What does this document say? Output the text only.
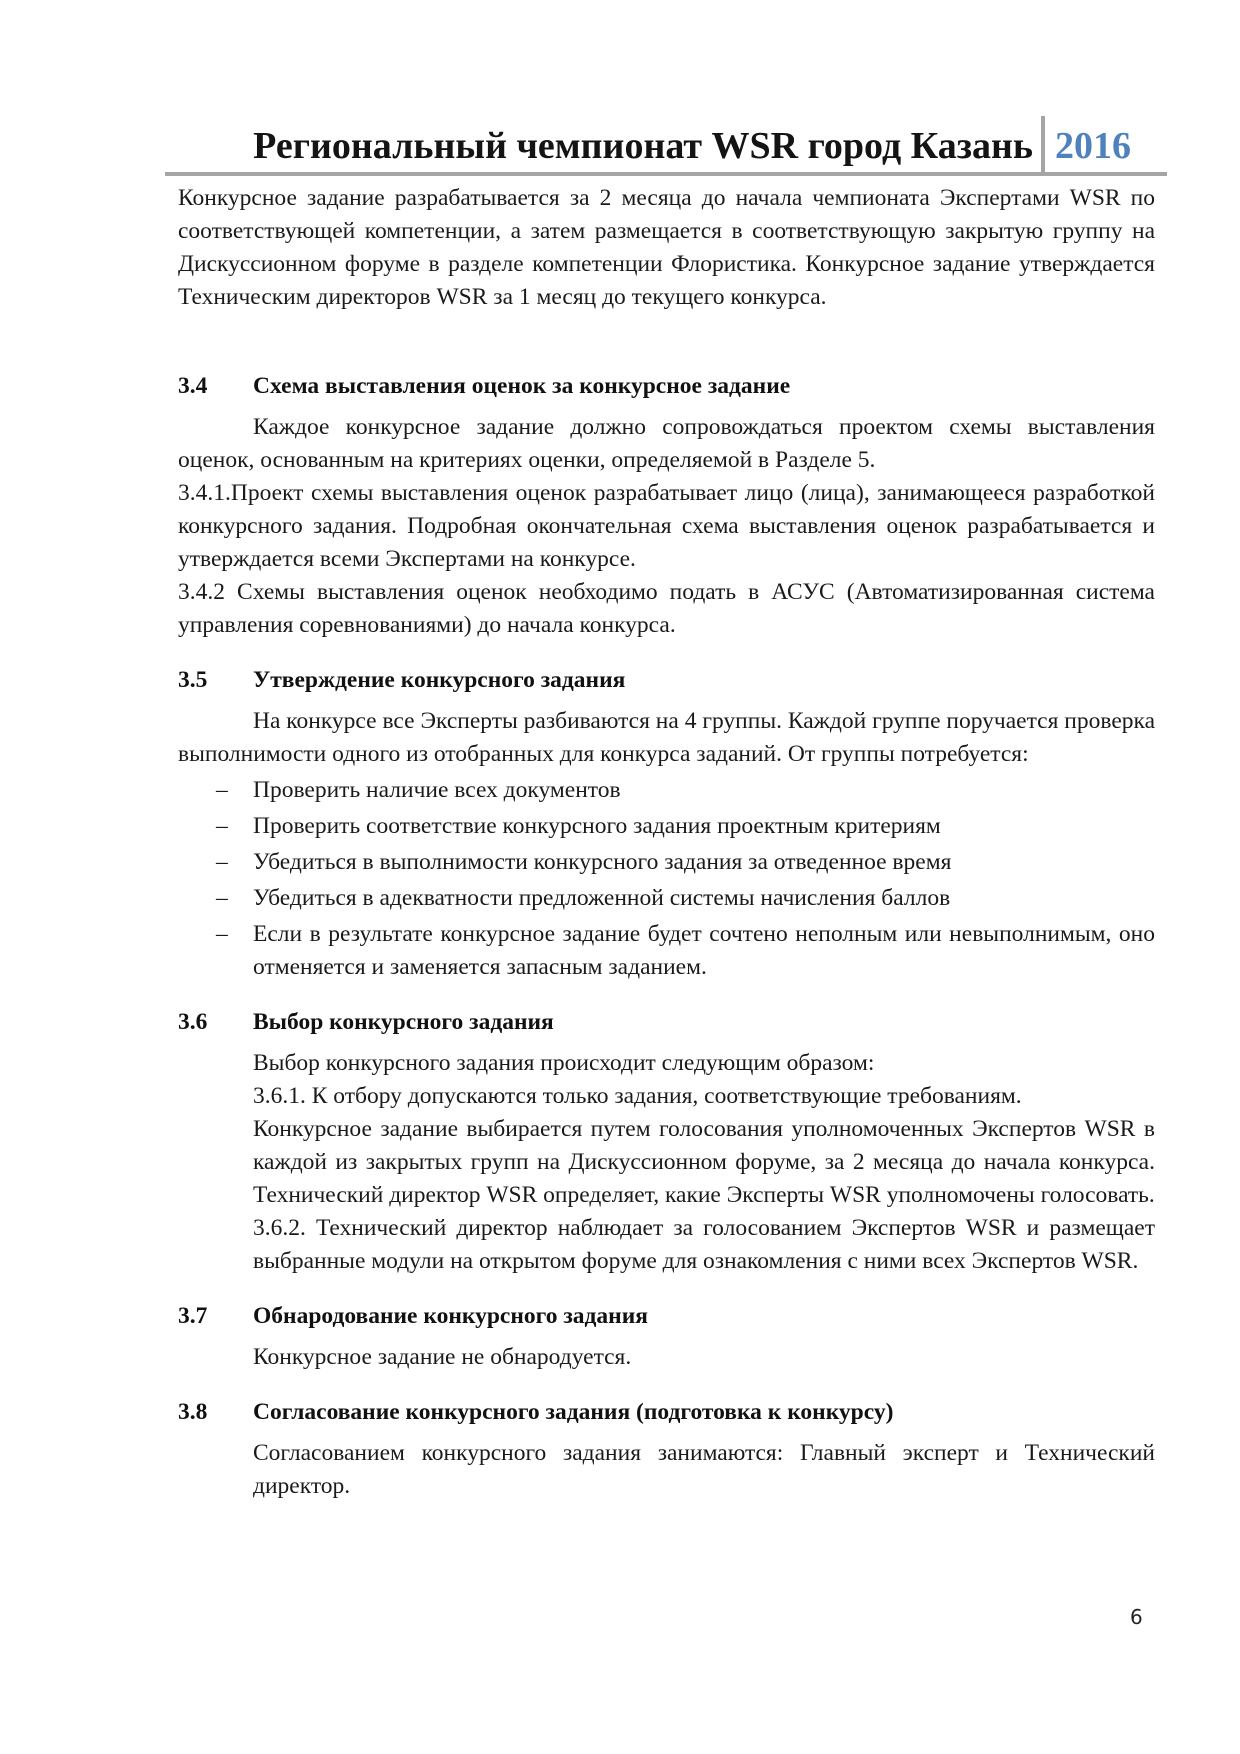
Региональный чемпионат WSR город Казань 2016

Конкурсное задание разрабатывается за 2 месяца до начала чемпионата Экспертами WSR по соответствующей компетенции, а затем размещается в соответствующую закрытую группу на Дискуссионном форуме в разделе компетенции Флористика. Конкурсное задание утверждается Техническим директоров WSR за 1 месяц до текущего конкурса.

3.4	Схема выставления оценок за конкурсное задание

Каждое конкурсное задание должно сопровождаться проектом схемы выставления оценок, основанным на критериях оценки, определяемой в Разделе 5.

3.4.1.Проект схемы выставления оценок разрабатывает лицо (лица), занимающееся разработкой конкурсного задания. Подробная окончательная схема выставления оценок разрабатывается и утверждается всеми Экспертами на конкурсе.

3.4.2 Схемы выставления оценок необходимо подать в АСУС (Автоматизированная система управления соревнованиями) до начала конкурса.

3.5	Утверждение конкурсного задания

На конкурсе все Эксперты разбиваются на 4 группы. Каждой группе поручается проверка выполнимости одного из отобранных для конкурса заданий. От группы потребуется:

– Проверить наличие всех документов
– Проверить соответствие конкурсного задания проектным критериям
– Убедиться в выполнимости конкурсного задания за отведенное время
– Убедиться в адекватности предложенной системы начисления баллов
– Если в результате конкурсное задание будет сочтено неполным или невыполнимым, оно отменяется и заменяется запасным заданием.
3.6	Выбор конкурсного задания

Выбор конкурсного задания происходит следующим образом:

3.6.1. К отбору допускаются только задания, соответствующие требованиям.

Конкурсное задание выбирается путем голосования уполномоченных Экспертов WSR в каждой из закрытых групп на Дискуссионном форуме, за 2 месяца до начала конкурса. Технический директор WSR определяет, какие Эксперты WSR уполномочены голосовать.

3.6.2. Технический директор наблюдает за голосованием Экспертов WSR и размещает выбранные модули на открытом форуме для ознакомления с ними всех Экспертов WSR.

3.7	Обнародование конкурсного задания

Конкурсное задание не обнародуется.

3.8	Согласование конкурсного задания (подготовка к конкурсу)

Согласованием конкурсного задания занимаются: Главный эксперт и Технический директор.

6
